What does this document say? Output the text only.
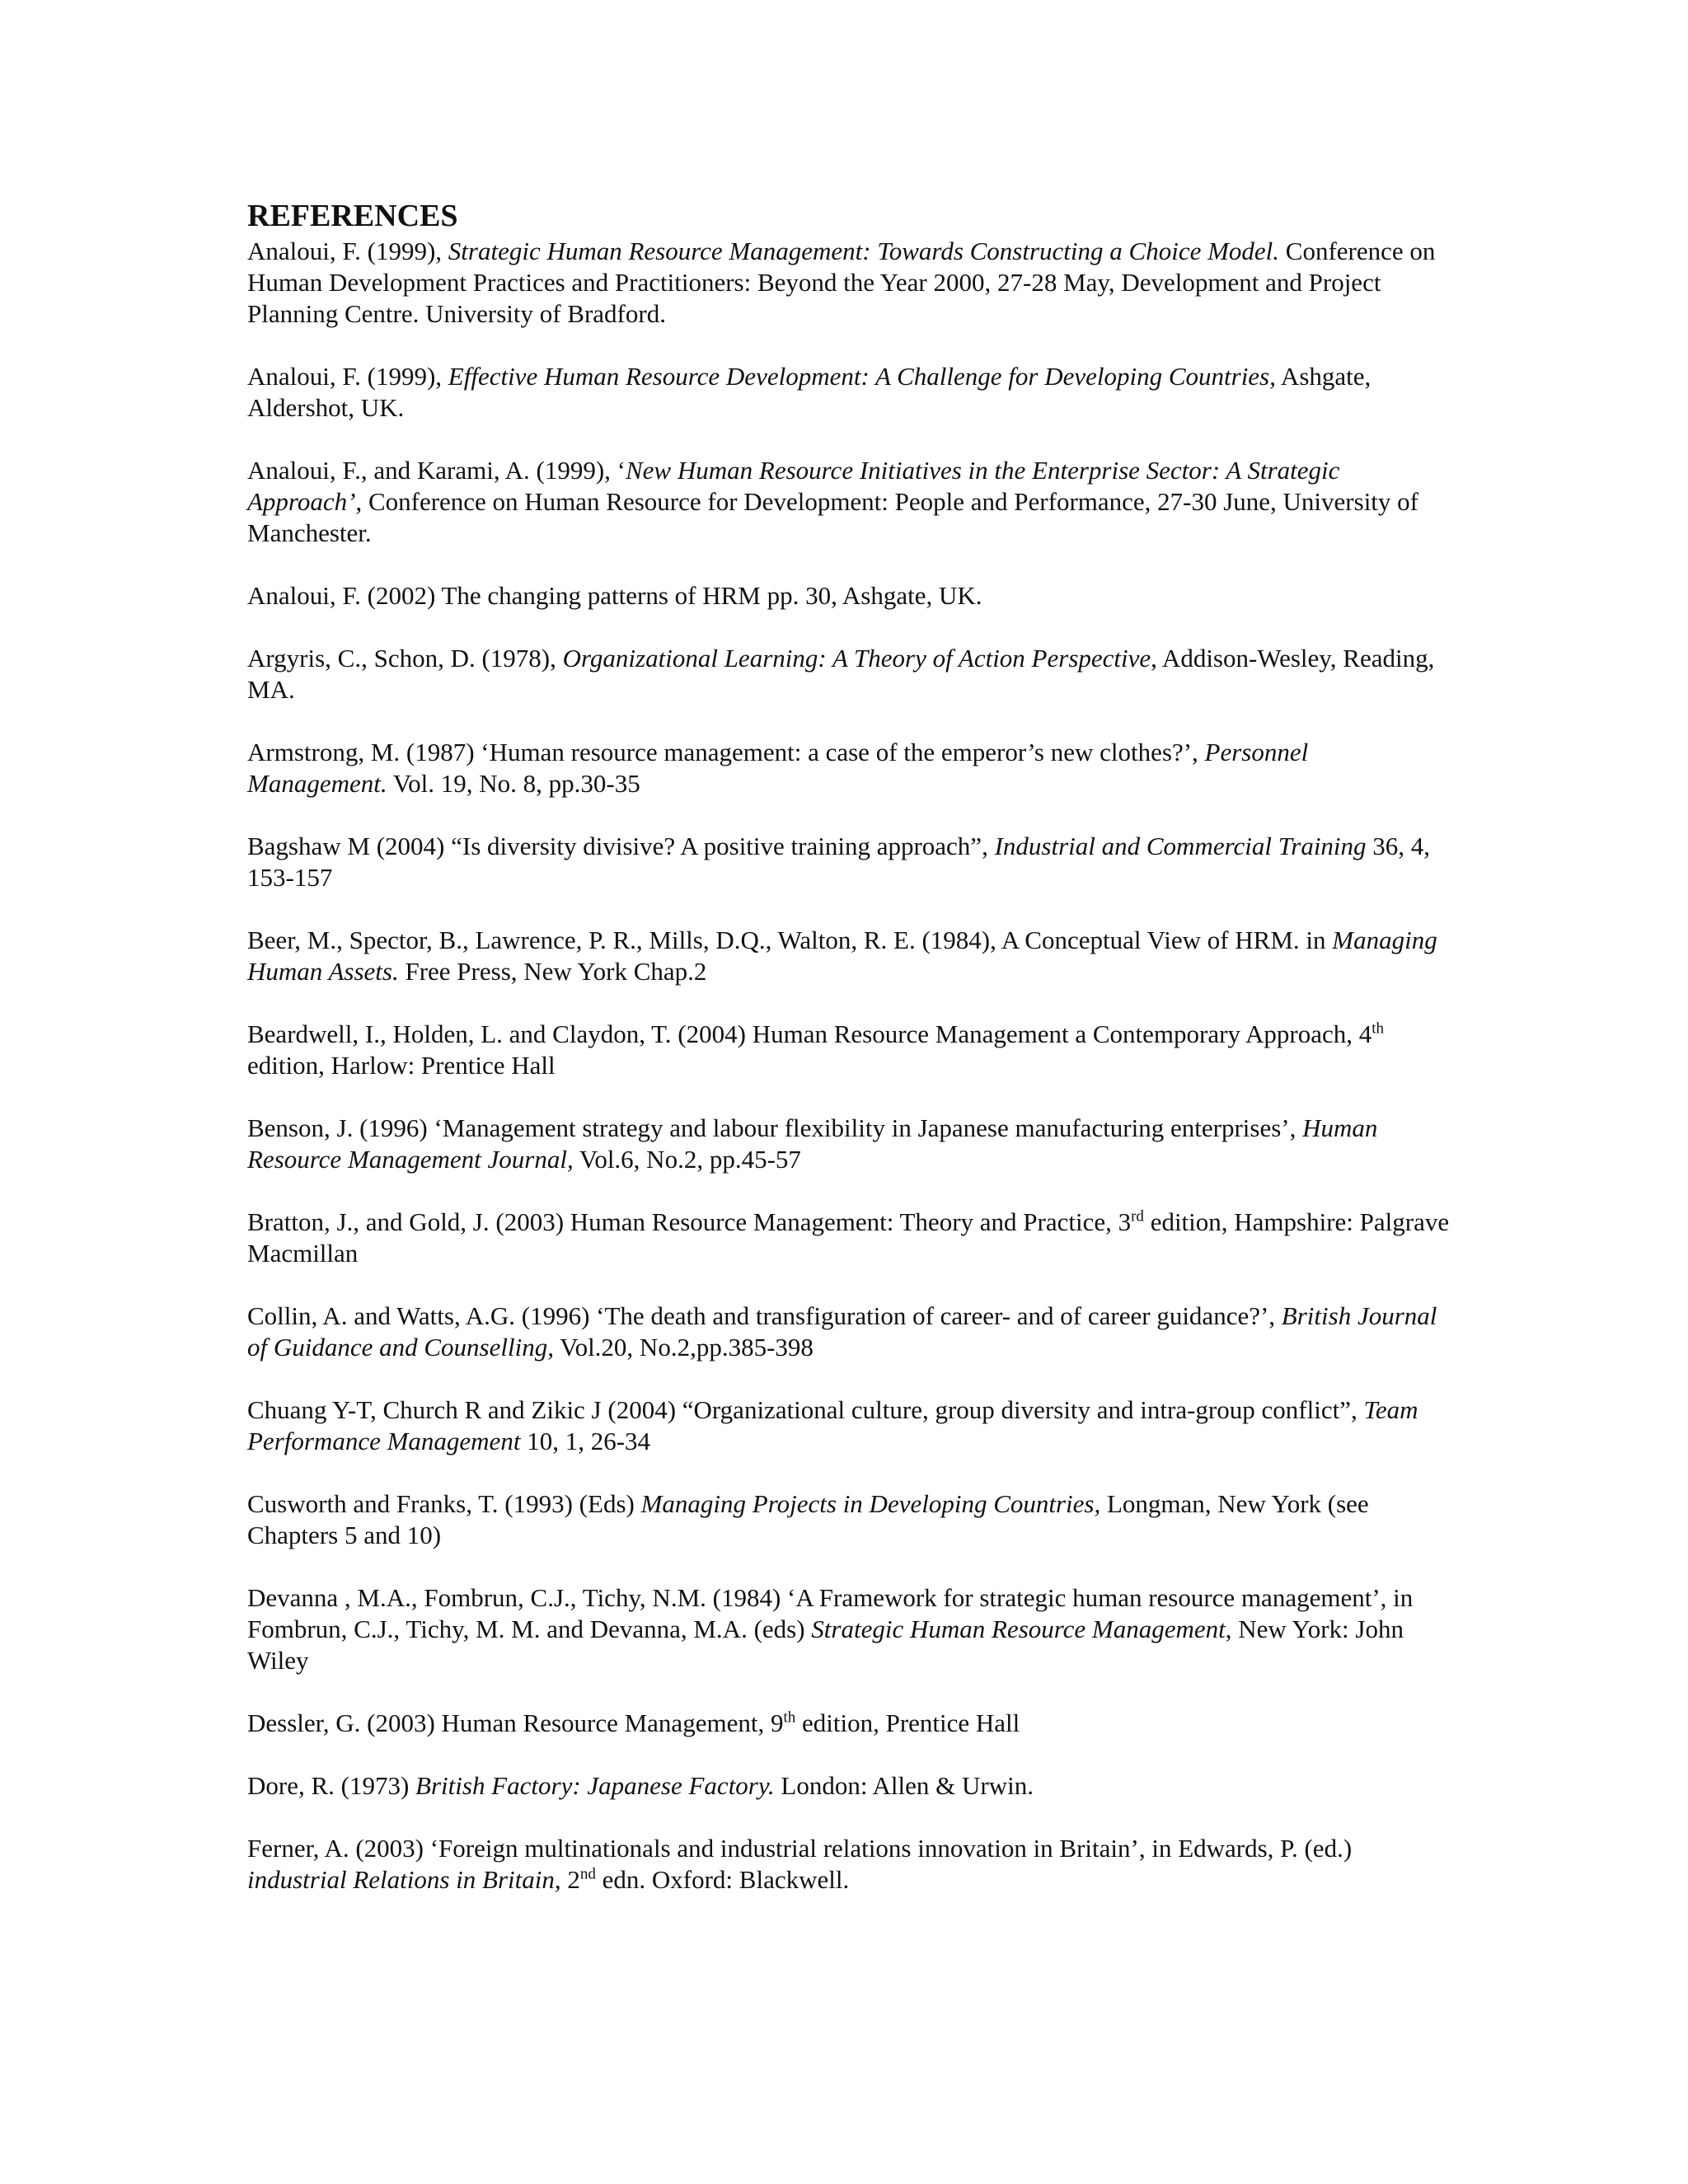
REFERENCES

Analoui, F. (1999), Strategic Human Resource Management: Towards Constructing a Choice Model. Conference on Human Development Practices and Practitioners: Beyond the Year 2000, 27-28 May, Development and Project Planning Centre. University of Bradford.

Analoui, F. (1999), Effective Human Resource Development: A Challenge for Developing Countries, Ashgate, Aldershot, UK.

Analoui, F., and Karami, A. (1999), ‘New Human Resource Initiatives in the Enterprise Sector: A Strategic Approach’, Conference on Human Resource for Development: People and Performance, 27-30 June, University of Manchester.

Analoui, F. (2002) The changing patterns of HRM pp. 30, Ashgate, UK.

Argyris, C., Schon, D. (1978), Organizational Learning: A Theory of Action Perspective, Addison-Wesley, Reading, MA.

Armstrong, M. (1987) ‘Human resource management: a case of the emperor’s new clothes?’, Personnel Management. Vol. 19, No. 8, pp.30-35

Bagshaw M (2004) “Is diversity divisive? A positive training approach”, Industrial and Commercial Training 36, 4, 153-157

Beer, M., Spector, B., Lawrence, P. R., Mills, D.Q., Walton, R. E. (1984), A Conceptual View of HRM. in Managing Human Assets. Free Press, New York Chap.2

Beardwell, I., Holden, L. and Claydon, T. (2004) Human Resource Management a Contemporary Approach, 4th edition, Harlow: Prentice Hall

Benson, J. (1996) ‘Management strategy and labour flexibility in Japanese manufacturing enterprises’, Human Resource Management Journal, Vol.6, No.2, pp.45-57

Bratton, J., and Gold, J. (2003) Human Resource Management: Theory and Practice, 3rd edition, Hampshire: Palgrave Macmillan

Collin, A. and Watts, A.G. (1996) ‘The death and transfiguration of career- and of career guidance?’, British Journal of Guidance and Counselling, Vol.20, No.2,pp.385-398

Chuang Y-T, Church R and Zikic J (2004) “Organizational culture, group diversity and intra-group conflict”, Team Performance Management 10, 1, 26-34

Cusworth and Franks, T. (1993) (Eds) Managing Projects in Developing Countries, Longman, New York (see Chapters 5 and 10)

Devanna , M.A., Fombrun, C.J., Tichy, N.M. (1984) ‘A Framework for strategic human resource management’, in Fombrun, C.J., Tichy, M. M. and Devanna, M.A. (eds) Strategic Human Resource Management, New York: John Wiley

Dessler, G. (2003) Human Resource Management, 9th edition, Prentice Hall

Dore, R. (1973) British Factory: Japanese Factory. London: Allen & Urwin.

Ferner, A. (2003) ‘Foreign multinationals and industrial relations innovation in Britain’, in Edwards, P. (ed.) industrial Relations in Britain, 2nd edn. Oxford: Blackwell.
